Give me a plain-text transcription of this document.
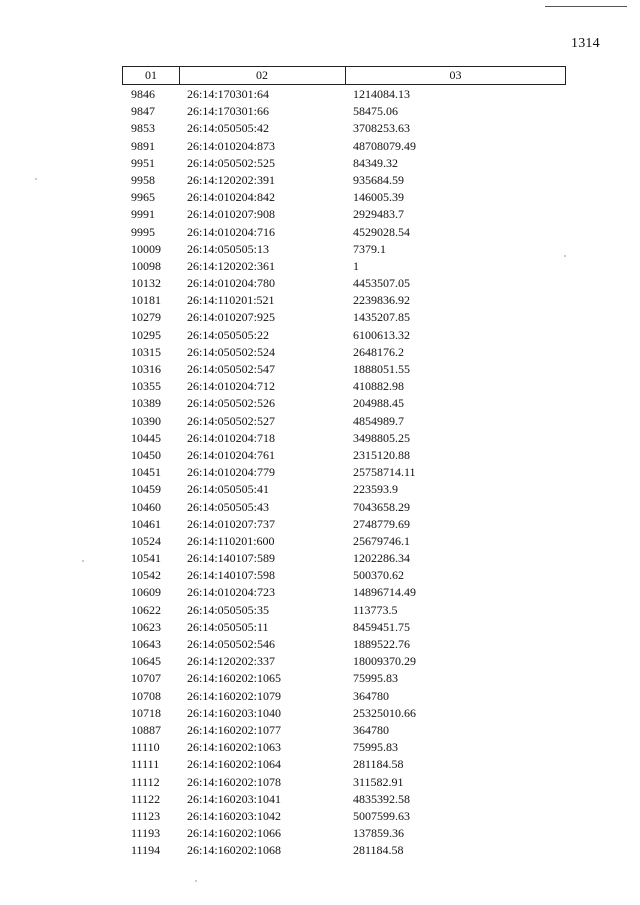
1314
01	02	03
9846	26:14:170301:64	1214084.13
9847	26:14:170301:66	58475.06
9853	26:14:050505:42	3708253.63
9891	26:14:010204:873	48708079.49
9951	26:14:050502:525	84349.32
9958	26:14:120202:391	935684.59
9965	26:14:010204:842	146005.39
9991	26:14:010207:908	2929483.7
9995	26:14:010204:716	4529028.54
10009 26:14:050505:13	7379.1
10098 26:14:120202:361	1
10132 26:14:010204:780	4453507.05
10181 26:14:110201:521	2239836.92
10279 26:14:010207:925	1435207.85
10295 26:14:050505:22	6100613.32
10315 26:14:050502:524	2648176.2
10316 26:14:050502:547	1888051.55
10355 26:14:010204:712	410882.98
10389 26:14:050502:526	204988.45
10390 26:14:050502:527	4854989.7
10445 26:14:010204:718	3498805.25
10450 26:14:010204:761	2315120.88
10451 26:14:010204:779	25758714.11
10459 26:14:050505:41	223593.9
10460 26:14:050505:43	7043658.29
10461 26:14:010207:737	2748779.69
10524 26:14:110201:600	25679746.1
10541 26:14:140107:589	1202286.34
10542 26:14:140107:598	500370.62
10609 26:14:010204:723	14896714.49
10622 26:14:050505:35	113773.5
10623 26:14:050505:11	8459451.75
10643 26:14:050502:546	1889522.76
10645 26:14:120202:337	18009370.29
10707 26:14:160202:1065	75995.83
10708 26:14:160202:1079	364780
10718 26:14:160203:1040	25325010.66
10887 26:14:160202:1077	364780
11110 26:14:160202:1063	75995.83
11111 26:14:160202:1064	281184.58
11112 26:14:160202:1078	311582.91
11122 26:14:160203:1041	4835392.58
11123 26:14:160203:1042	5007599.63
11193 26:14:160202:1066	137859.36
11194 26:14:160202:1068	281184.58
